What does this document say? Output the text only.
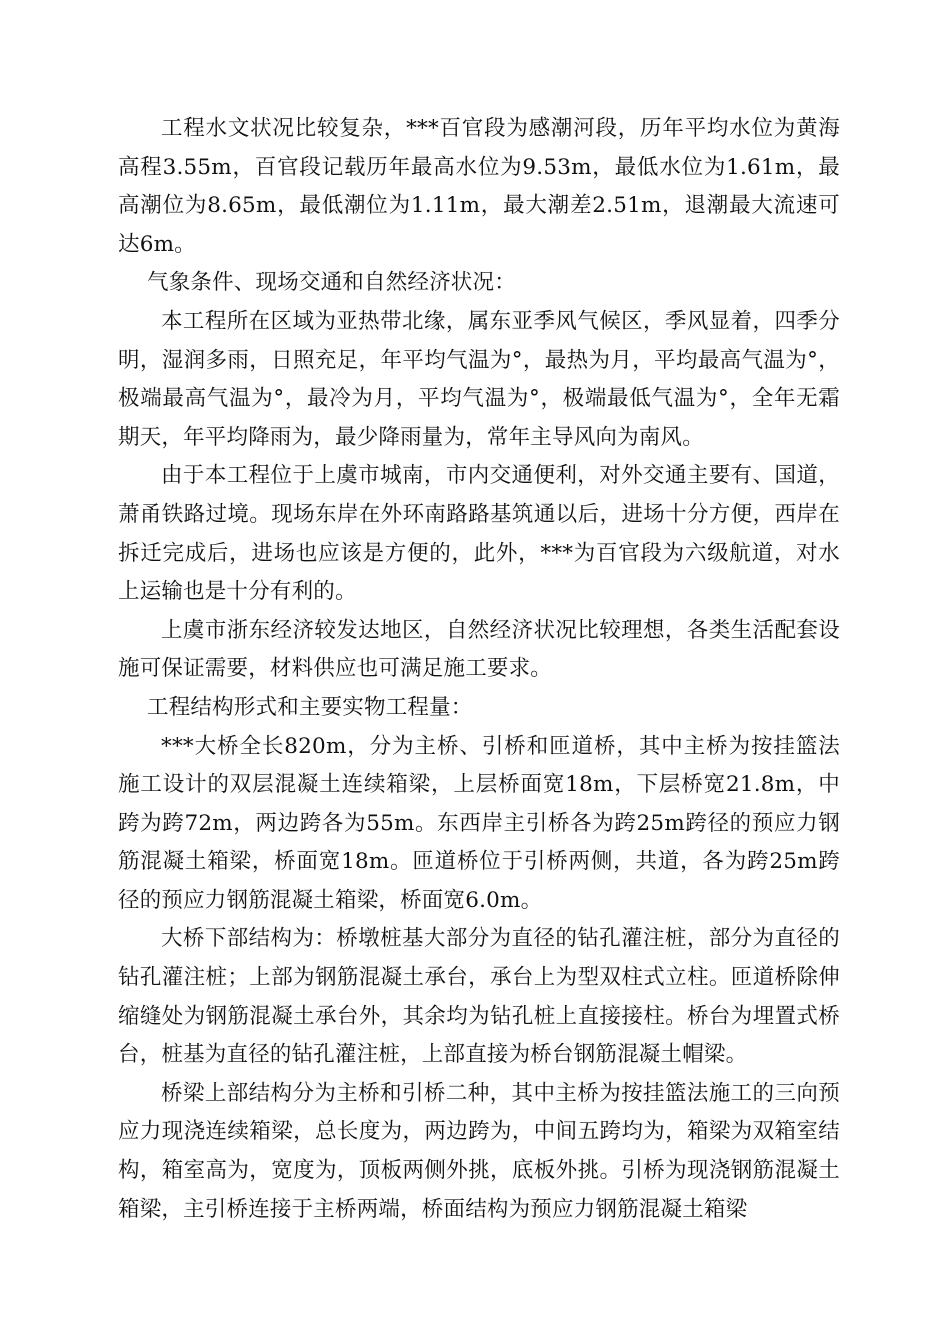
工程水文状况比较复杂，***百官段为感潮河段，历年平均水位为黄海高程3.55m，百官段记载历年最高水位为9.53m，最低水位为1.61m，最高潮位为8.65m，最低潮位为1.11m，最大潮差2.51m，退潮最大流速可达6m。

气象条件、现场交通和自然经济状况：

本工程所在区域为亚热带北缘，属东亚季风气候区，季风显着，四季分明，湿润多雨，日照充足，年平均气温为°，最热为月，平均最高气温为°，极端最高气温为°，最冷为月，平均气温为°，极端最低气温为°，全年无霜期天，年平均降雨为，最少降雨量为，常年主导风向为南风。

由于本工程位于上虞市城南，市内交通便利，对外交通主要有、国道，萧甬铁路过境。现场东岸在外环南路路基筑通以后，进场十分方便，西岸在拆迁完成后，进场也应该是方便的，此外，***为百官段为六级航道，对水上运输也是十分有利的。

上虞市浙东经济较发达地区，自然经济状况比较理想，各类生活配套设施可保证需要，材料供应也可满足施工要求。

工程结构形式和主要实物工程量：

***大桥全长820m，分为主桥、引桥和匝道桥，其中主桥为按挂篮法施工设计的双层混凝土连续箱梁，上层桥面宽18m，下层桥宽21.8m，中跨为跨72m，两边跨各为55m。东西岸主引桥各为跨25m跨径的预应力钢筋混凝土箱梁，桥面宽18m。匝道桥位于引桥两侧，共道，各为跨25m跨径的预应力钢筋混凝土箱梁，桥面宽6.0m。

大桥下部结构为：桥墩桩基大部分为直径的钻孔灌注桩，部分为直径的钻孔灌注桩；上部为钢筋混凝土承台，承台上为型双柱式立柱。匝道桥除伸缩缝处为钢筋混凝土承台外，其余均为钻孔桩上直接接柱。桥台为埋置式桥台，桩基为直径的钻孔灌注桩，上部直接为桥台钢筋混凝土帽梁。

桥梁上部结构分为主桥和引桥二种，其中主桥为按挂篮法施工的三向预应力现浇连续箱梁，总长度为，两边跨为，中间五跨均为，箱梁为双箱室结构，箱室高为，宽度为，顶板两侧外挑，底板外挑。引桥为现浇钢筋混凝土箱梁，主引桥连接于主桥两端，桥面结构为预应力钢筋混凝土箱梁
